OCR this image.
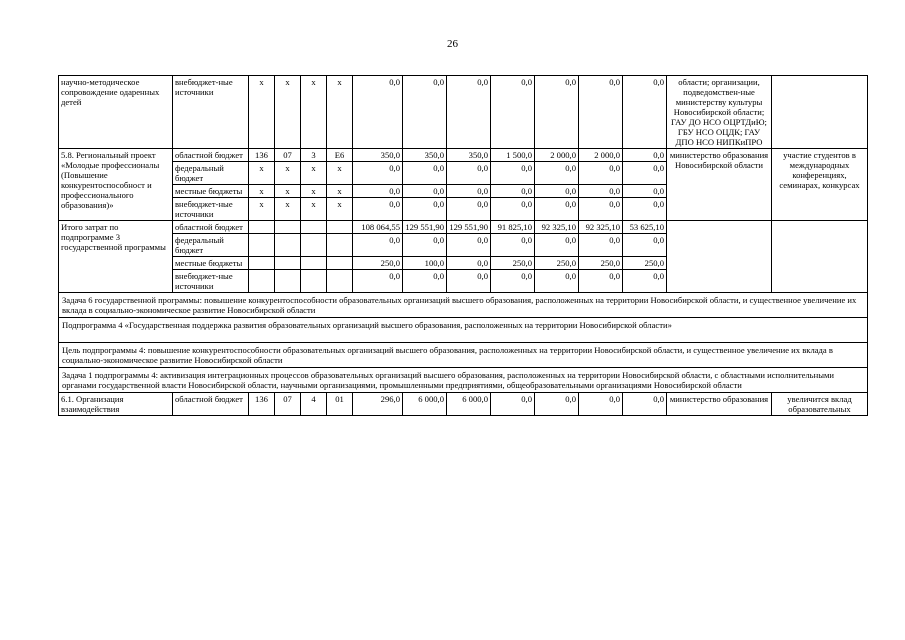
26
научно-методическое сопровождение одаренных детей	внебюджет-ные источники	х	х	х	х	0,0	0,0	0,0	0,0	0,0	0,0	0,0	области; организации, подведомствен-ные министерству культуры Новосибирской области; ГАУ ДО НСО ОЦРТДиЮ; ГБУ НСО ОЦДК; ГАУ ДПО НСО НИПКиПРО	
5.8. Региональный проект «Молодые профессионалы (Повышение конкурентоспособност и профессионального образования)»	областной бюджет	136	07	3	Е6	350,0	350,0	350,0	1 500,0	2 000,0	2 000,0	0,0	министерство образования Новосибирской области	участие студентов в международных конференциях, семинарах, конкурсах
	федеральный бюджет	х	х	х	х	0,0	0,0	0,0	0,0	0,0	0,0	0,0		
	местные бюджеты	х	х	х	х	0,0	0,0	0,0	0,0	0,0	0,0	0,0		
	внебюджет-ные источники	х	х	х	х	0,0	0,0	0,0	0,0	0,0	0,0	0,0		
Итого затрат по подпрограмме 3 государственной программы	областной бюджет					108 064,55	129 551,90	129 551,90	91 825,10	92 325,10	92 325,10	53 625,10		
	федеральный бюджет					0,0	0,0	0,0	0,0	0,0	0,0	0,0		
	местные бюджеты					250,0	100,0	0,0	250,0	250,0	250,0	250,0		
	внебюджет-ные источники					0,0	0,0	0,0	0,0	0,0	0,0	0,0		
Задача 6 государственной программы: повышение конкурентоспособности образовательных организаций высшего образования, расположенных на территории Новосибирской области, и существенное увеличение их вклада в социально-экономическое развитие Новосибирской области														
Подпрограмма 4 «Государственная поддержка развития образовательных организаций высшего образования, расположенных на территории Новосибирской области»														
Цель подпрограммы 4: повышение конкурентоспособности образовательных организаций высшего образования, расположенных на территории Новосибирской области, и существенное увеличение их вклада в социально-экономическое развитие Новосибирской области														
Задача 1 подпрограммы 4: активизация интеграционных процессов образовательных организаций высшего образования, расположенных на территории Новосибирской области, с областными исполнительными органами государственной власти Новосибирской области, научными организациями, промышленными предприятиями, общеобразовательными организациями Новосибирской области														
6.1. Организация взаимодействия	областной бюджет	136	07	4	01	296,0	6 000,0	6 000,0	0,0	0,0	0,0	0,0	министерство образования	увеличится вклад образовательных
